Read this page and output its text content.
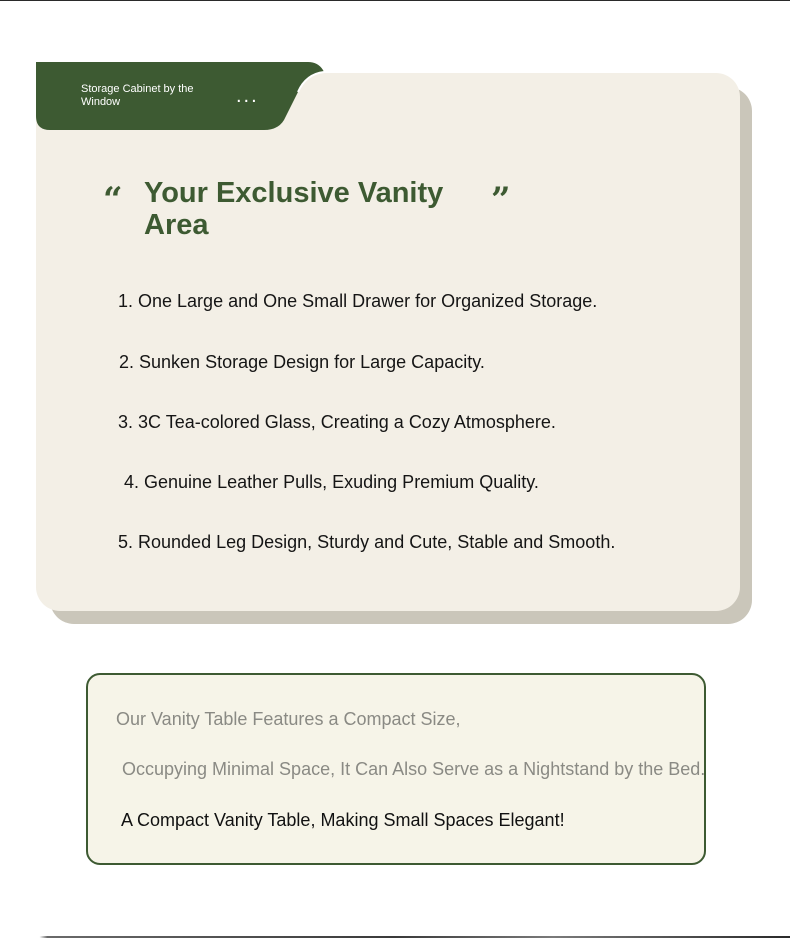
Storage Cabinet by the Window	...
“ Your Exclusive Vanity Area
”
1. One Large and One Small Drawer for Organized Storage.
2. Sunken Storage Design for Large Capacity.
3. 3C Tea-colored Glass, Creating a Cozy Atmosphere.
4. Genuine Leather Pulls, Exuding Premium Quality.
5. Rounded Leg Design, Sturdy and Cute, Stable and Smooth.
Our Vanity Table Features a Compact Size,
Occupying Minimal Space, It Can Also Serve as a Nightstand by the Bed.
A Compact Vanity Table, Making Small Spaces Elegant!
